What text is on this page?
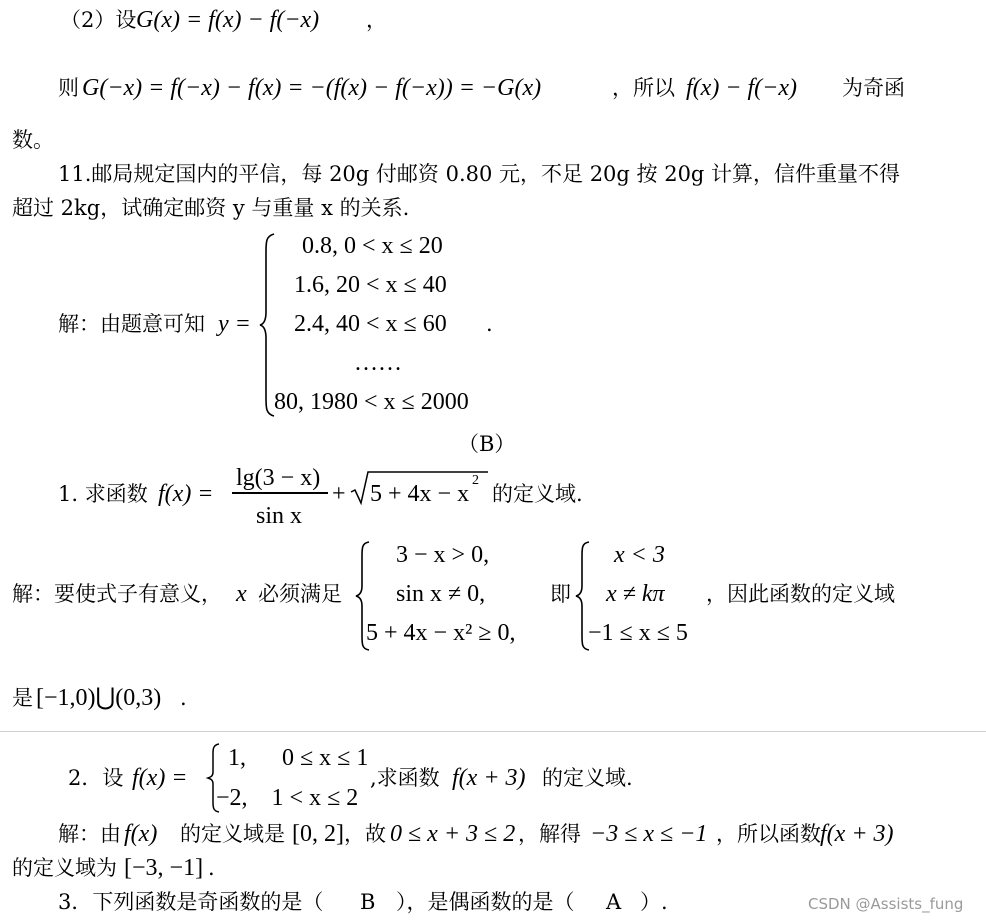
（2）设 G(x) = f(x) − f(−x) ，
则 G(−x) = f(−x) − f(x) = −(f(x) − f(−x)) = −G(x)	，所以 f(x) − f(−x) 为奇函
数。
11.邮局规定国内的平信，每 20g 付邮资 0.80 元，不足 20g 按 20g 计算，信件重量不得
超过 2kg，试确定邮资 y 与重量 x 的关系.
解：由题意可知 y =
0.8, 0 < x ≤ 20
1.6, 20 < x ≤ 40
2.4, 40 < x ≤ 60
……
80, 1980 < x ≤ 2000
.
（B）
1. 求函数 f(x) =
lg(3 − x)
sin x
+ 5 + 4x − x
2
的定义域.
解：要使式子有意义， x 必须满足
3 − x > 0,
sin x ≠ 0,
5 + 4x − x² ≥ 0,
即
x < 3
x ≠ kπ
−1 ≤ x ≤ 5
，因此函数的定义域
是 [−1,0)⋃(0,3) .
2．设 f(x) =
1,      0 ≤ x ≤ 1
−2,    1 < x ≤ 2
,求函数 f(x + 3) 的定义域.
解：由 f(x) 的定义域是 [0, 2] ，故 0 ≤ x + 3 ≤ 2 ，解得 −3 ≤ x ≤ −1 ，所以函数 f(x + 3)
的定义域为 [−3, −1] .
3．下列函数是奇函数的是（ B ），是偶函数的是（ A ）.	CSDN @Assists_fung
